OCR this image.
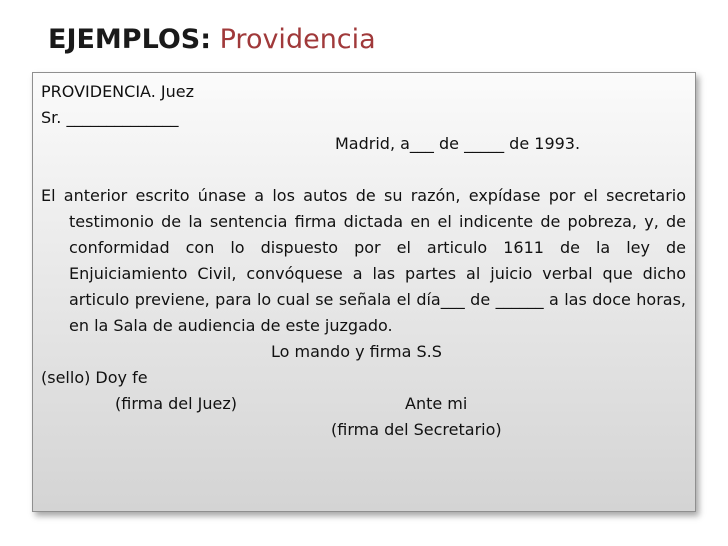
EJEMPLOS: Providencia
PROVIDENCIA. Juez
Sr. ______________
Madrid, a___ de _____ de 1993.

El anterior escrito únase a los autos de su razón, expídase por el secretario testimonio de la sentencia firma dictada en el indicente de pobreza, y, de conformidad con lo dispuesto por el articulo 1611 de la ley de Enjuiciamiento Civil, convóquese a las partes al juicio verbal que dicho articulo previene, para lo cual se señala el día___ de ______ a las doce horas, en la Sala de audiencia de este juzgado.

Lo mando y firma S.S
(sello) Doy fe
(firma del Juez)	Ante mi
(firma del Secretario)
